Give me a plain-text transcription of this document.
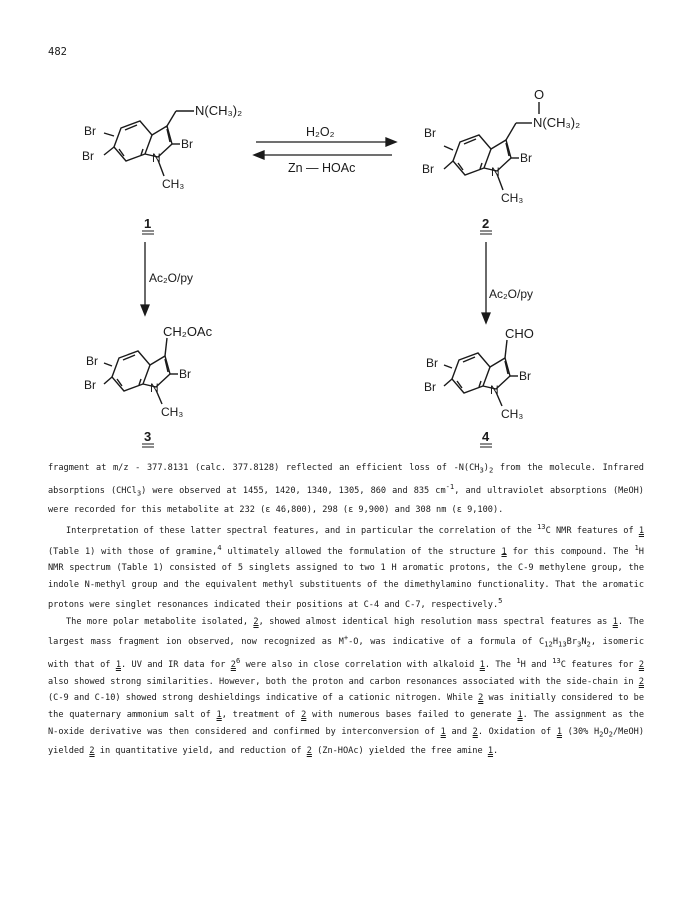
482
N(CH₃)₂
Br
Br
Br
N
CH₃
1
O
N(CH₃)₂
Br
Br
Br
N
CH₃
2
H₂O₂
Zn — HOAc
Ac₂O/py
Ac₂O/py
CH₂OAc
Br
Br
Br
N
CH₃
3
CHO
Br
Br
Br
N
CH₃
4

fragment at m/z - 377.8131 (calc. 377.8128) reflected an efficient loss of $-N(CH_3)_2$ from the molecule. Infrared absorptions (CHCl$_3$) were observed at 1455, 1420, 1340, 1305, 860 and 835 $cm^{-1}$, and ultraviolet absorptions (MeOH) were recorded for this metabolite at 232 (ε 46,800), 298 (ε 9,900) and 308 nm (ε 9,100).

Interpretation of these latter spectral features, and in particular the correlation of the $^{13}$C NMR features of 1 (Table 1) with those of gramine,$^4$ ultimately allowed the formulation of the structure 1 for this compound. The $^1$H NMR spectrum (Table 1) consisted of 5 singlets assigned to two 1 H aromatic protons, the C-9 methylene group, the indole N-methyl group and the equivalent methyl substituents of the dimethylamino functionality. That the aromatic protons were singlet resonances indicated their positions at C-4 and C-7, respectively.$^5$

The more polar metabolite isolated, 2, showed almost identical high resolution mass spectral features as 1. The largest mass fragment ion observed, now recognized as M+-O, was indicative of a formula of $C_{12}H_{13}Br_3N_2$, isomeric with that of 1. UV and IR data for $2^6$ were also in close correlation with alkaloid 1. The $^1$H and $^{13}$C features for 2 also showed strong similarities. However, both the proton and carbon resonances associated with the side-chain in 2 (C-9 and C-10) showed strong deshieldings indicative of a cationic nitrogen. While 2 was initially considered to be the quaternary ammonium salt of 1, treatment of 2 with numerous bases failed to generate 1. The assignment as the N-oxide derivative was then considered and confirmed by interconversion of 1 and 2. Oxidation of 1 (30% $H_2O_2/MeOH$) yielded 2 in quantitative yield, and reduction of 2 (Zn-HOAc) yielded the free amine 1.
